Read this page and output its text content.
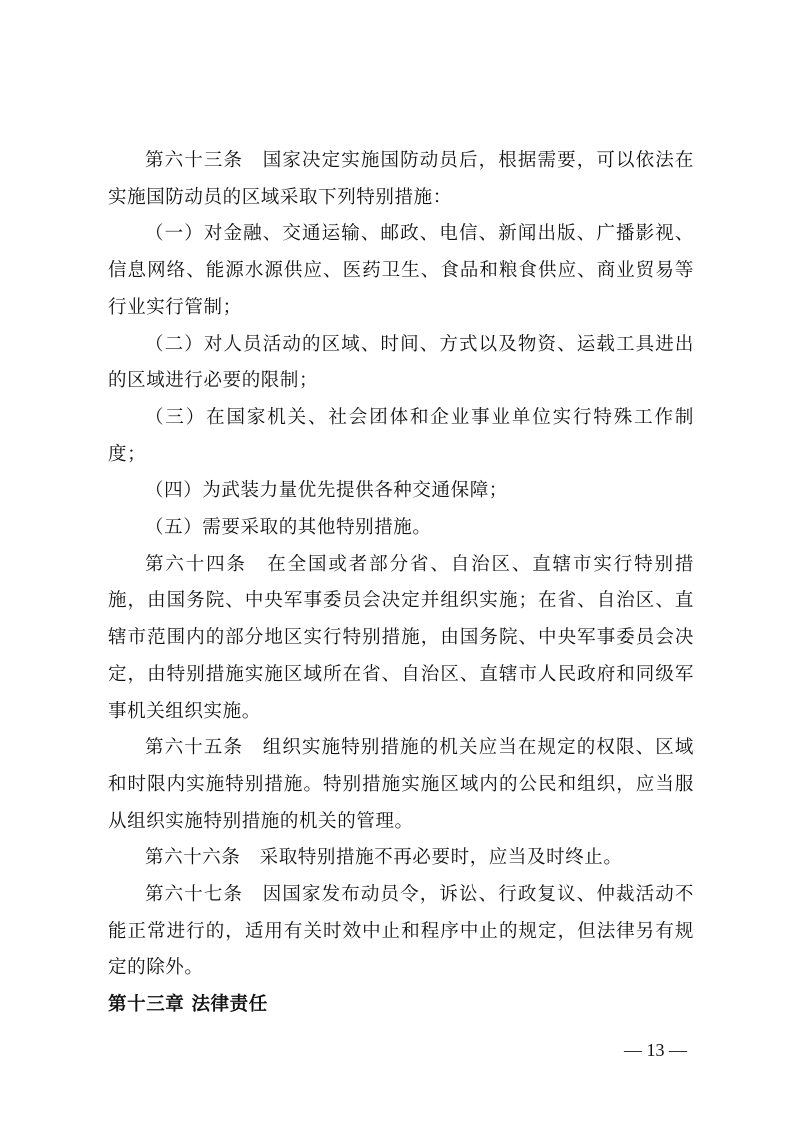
第六十三条　国家决定实施国防动员后，根据需要，可以依法在实施国防动员的区域采取下列特别措施：

（一）对金融、交通运输、邮政、电信、新闻出版、广播影视、信息网络、能源水源供应、医药卫生、食品和粮食供应、商业贸易等行业实行管制；

（二）对人员活动的区域、时间、方式以及物资、运载工具进出的区域进行必要的限制；

（三）在国家机关、社会团体和企业事业单位实行特殊工作制度；

（四）为武装力量优先提供各种交通保障；

（五）需要采取的其他特别措施。

第六十四条　在全国或者部分省、自治区、直辖市实行特别措施，由国务院、中央军事委员会决定并组织实施；在省、自治区、直辖市范围内的部分地区实行特别措施，由国务院、中央军事委员会决定，由特别措施实施区域所在省、自治区、直辖市人民政府和同级军事机关组织实施。

第六十五条　组织实施特别措施的机关应当在规定的权限、区域和时限内实施特别措施。特别措施实施区域内的公民和组织，应当服从组织实施特别措施的机关的管理。

第六十六条　采取特别措施不再必要时，应当及时终止。

第六十七条　因国家发布动员令，诉讼、行政复议、仲裁活动不能正常进行的，适用有关时效中止和程序中止的规定，但法律另有规定的除外。

第十三章 法律责任

— 13 —
